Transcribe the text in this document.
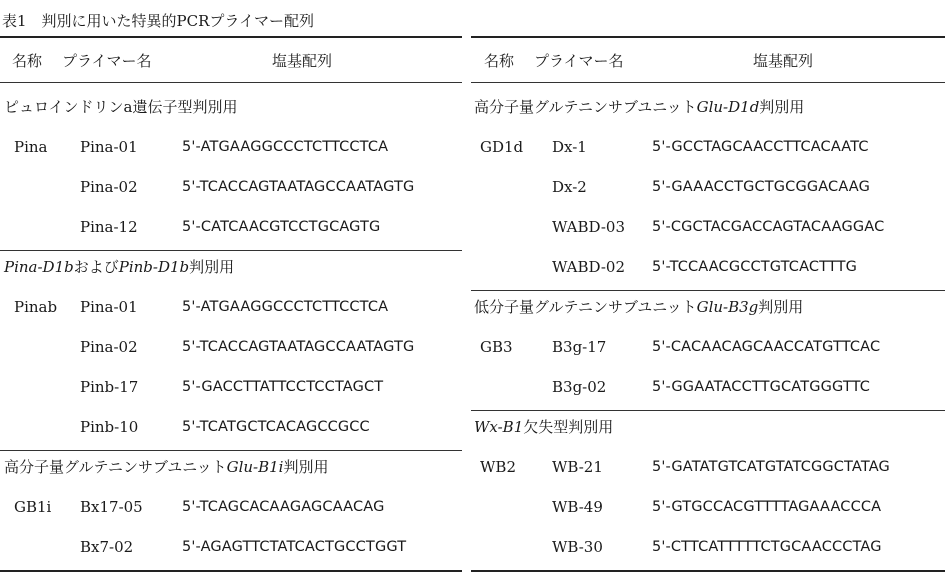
表1　判別に用いた特異的PCRプライマー配列
名称 プライマー名	塩基配列
ピュロインドリンa遺伝子型判別用
Pina Pina-01	5'-ATGAAGGCCCTCTTCCTCA
Pina-02	5'-TCACCAGTAATAGCCAATAGTG
Pina-12	5'-CATCAACGTCCTGCAGTG
Pina-D1bおよびPinb-D1b判別用
Pinab Pina-01	5'-ATGAAGGCCCTCTTCCTCA
Pina-02	5'-TCACCAGTAATAGCCAATAGTG
Pinb-17	5'-GACCTTATTCCTCCTAGCT
Pinb-10	5'-TCATGCTCACAGCCGCC
高分子量グルテニンサブユニットGlu-B1i判別用
GB1i Bx17-05	5'-TCAGCACAAGAGCAACAG
Bx7-02	5'-AGAGTTCTATCACTGCCTGGT
名称 プライマー名	塩基配列
高分子量グルテニンサブユニットGlu-D1d判別用
GD1d Dx-1	5'-GCCTAGCAACCTTCACAATC
Dx-2	5'-GAAACCTGCTGCGGACAAG
WABD-03 5'-CGCTACGACCAGTACAAGGAC
WABD-02 5'-TCCAACGCCTGTCACTTTG
低分子量グルテニンサブユニットGlu-B3g判別用
GB3	B3g-17	5'-CACAACAGCAACCATGTTCAC
B3g-02	5'-GGAATACCTTGCATGGGTTC
Wx-B1欠失型判別用
WB2 WB-21	5'-GATATGTCATGTATCGGCTATAG
WB-49	5'-GTGCCACGTTTTAGAAACCCA
WB-30	5'-CTTCATTTTTCTGCAACCCTAG
